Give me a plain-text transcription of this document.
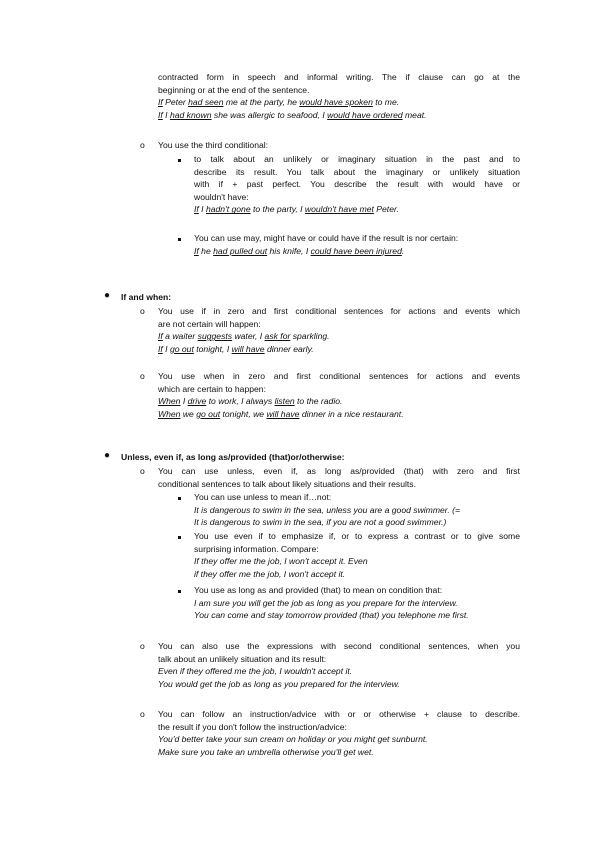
contracted form in speech and informal writing. The if clause can go at the
beginning or at the end of the sentence.
If Peter had seen me at the party, he would have spoken to me.
If I had known she was allergic to seafood, I would have ordered meat.
o You use the third conditional:
to talk about an unlikely or imaginary situation in the past and to
describe its result. You talk about the imaginary or unlikely situation
with if + past perfect. You describe the result with would have or
wouldn't have:
If I hadn't gone to the party, I wouldn't have met Peter.
You can use may, might have or could have if the result is nor certain:
If he had pulled out his knife, I could have been injured.
● If and when:
o You use if in zero and first conditional sentences for actions and events which
are not certain will happen:
If a waiter suggests water, I ask for sparkling.
If I go out tonight, I will have dinner early.
o You use when in zero and first conditional sentences for actions and events
which are certain to happen:
When I drive to work, I always listen to the radio.
When we go out tonight, we will have dinner in a nice restaurant.
● Unless, even if, as long as/provided (that)or/otherwise:
o You can use unless, even if, as long as/provided (that) with zero and first
conditional sentences to talk about likely situations and their results.
You can use unless to mean if…not:
It is dangerous to swim in the sea, unless you are a good swimmer. (=
It is dangerous to swim in the sea, if you are not a good swimmer.)
You use even if to emphasize if, or to express a contrast or to give some
surprising information. Compare:
If they offer me the job, I won't accept it. Even
if they offer me the job, I won't accept it.
You use as long as and provided (that) to mean on condition that:
I am sure you will get the job as long as you prepare for the interview.
You can come and stay tomorrow provided (that) you telephone me first.
o You can also use the expressions with second conditional sentences, when you
talk about an unlikely situation and its result:
Even if they offered me the job, I wouldn't accept it.
You would get the job as long as you prepared for the interview.
o You can follow an instruction/advice with or or otherwise + clause to describe.
the result if you don't follow the instruction/advice:
You'd better take your sun cream on holiday or you might get sunburnt.
Make sure you take an umbrella otherwise you'll get wet.
